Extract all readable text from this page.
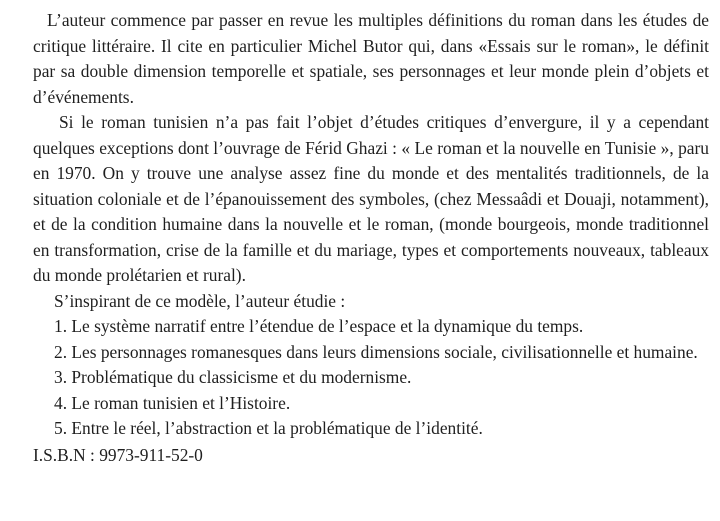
L’auteur commence par passer en revue les multiples définitions du roman dans les études de critique littéraire. Il cite en particulier Michel Butor qui, dans «Essais sur le roman», le définit par sa double dimension temporelle et spatiale, ses personnages et leur monde plein d’objets et d’événements.

Si le roman tunisien n’a pas fait l’objet d’études critiques d’envergure, il y a cependant quelques exceptions dont l’ouvrage de Férid Ghazi : « Le roman et la nouvelle en Tunisie », paru en 1970. On y trouve une analyse assez fine du monde et des mentalités traditionnels, de la situation coloniale et de l’épanouissement des symboles, (chez Messaâdi et Douaji, notamment), et de la condition humaine dans la nouvelle et le roman, (monde bourgeois, monde traditionnel en transformation, crise de la famille et du mariage, types et comportements nouveaux, tableaux du monde prolétarien et rural).

S’inspirant de ce modèle, l’auteur étudie :

1. Le système narratif entre l’étendue de l’espace et la dynamique du temps.

2. Les personnages romanesques dans leurs dimensions sociale, civilisationnelle et humaine.

3. Problématique du classicisme et du modernisme.

4. Le roman tunisien et l’Histoire.

5. Entre le réel, l’abstraction et la problématique de l’identité.

I.S.B.N : 9973-911-52-0
